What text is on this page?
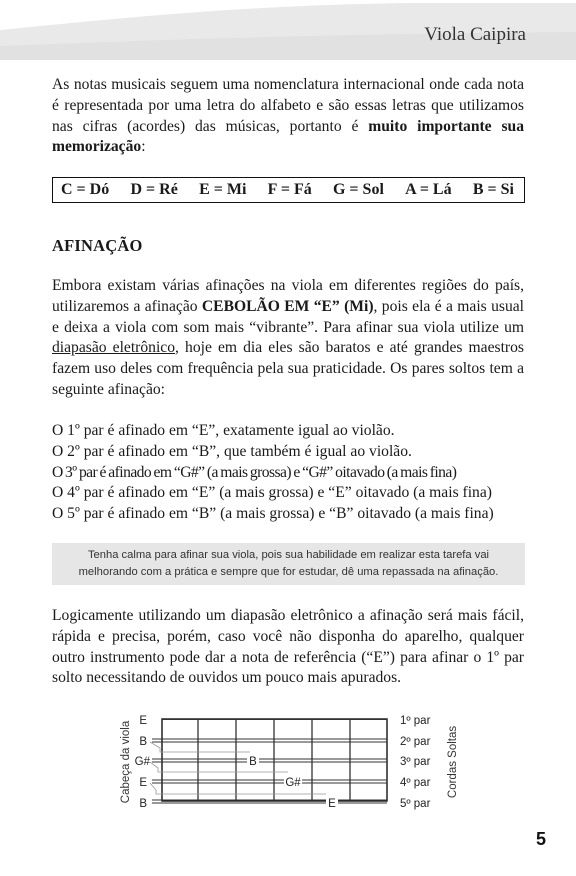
Viola Caipira

As notas musicais seguem uma nomenclatura internacional onde cada nota é representada por uma letra do alfabeto e são essas letras que utilizamos nas cifras (acordes) das músicas, portanto é muito importante sua memorização:

C = Dó D = Ré E = Mi F = Fá G = Sol A = Lá B = Si
AFINAÇÃO

Embora existam várias afinações na viola em diferentes regiões do país, utilizaremos a afinação CEBOLÃO EM “E” (Mi), pois ela é a mais usual e deixa a viola com som mais “vibrante”. Para afinar sua viola utilize um diapasão eletrônico, hoje em dia eles são baratos e até grandes maestros fazem uso deles com frequência pela sua praticidade. Os pares soltos tem a seguinte afinação:

O 1º par é afinado em “E”, exatamente igual ao violão.
O 2º par é afinado em “B”, que também é igual ao violão.
O 3º par é afinado em “G#” (a mais grossa) e “G#” oitavado (a mais fina)
O 4º par é afinado em “E” (a mais grossa) e “E” oitavado (a mais fina)
O 5º par é afinado em “B” (a mais grossa) e “B” oitavado (a mais fina)
Tenha calma para afinar sua viola, pois sua habilidade em realizar esta tarefa vai
melhorando com a prática e sempre que for estudar, dê uma repassada na afinação.

Logicamente utilizando um diapasão eletrônico a afinação será mais fácil, rápida e precisa, porém, caso você não disponha do aparelho, qualquer outro instrumento pode dar a nota de referência (“E”) para afinar o 1º par solto necessitando de ouvidos um pouco mais apurados.

Cabeça da viola	Cordas Soltas
E
B
G#
E
B
B
G#
E
1º par
2º par
3º par
4º par
5º par
5
